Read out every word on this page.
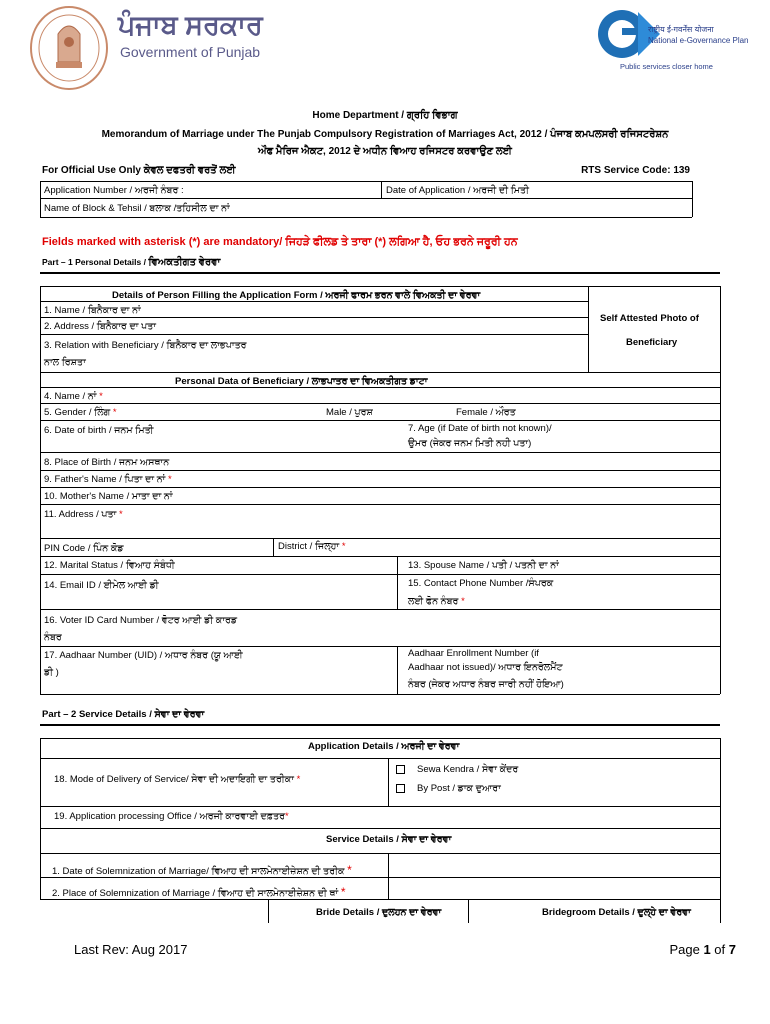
ਪੰਜਾਬ ਸਰਕਾਰ
Government of Punjab
राष्ट्रीय ई-गवर्नेंस योजना
National e-Governance Plan
Public services closer home
Home Department / ਗ੍ਰਹਿ ਵਿਭਾਗ
Memorandum of Marriage under The Punjab Compulsory Registration of Marriages Act, 2012 / ਪੰਜਾਬ ਕਮਪਲਸਰੀ ਰਜਿਸਟਰੇਸ਼ਨ
ਔਫ ਮੈਰਿਜ ਐਕਟ, 2012 ਦੇ ਅਧੀਨ ਵਿਆਹ ਰਜਿਸਟਰ ਕਰਵਾਉਣ ਲਈ
For Official Use Only ਕੇਵਲ ਦਫਤਰੀ ਵਰਤੋਂ ਲਈ	RTS Service Code: 139
Application Number / ਅਰਜੀ ਨੰਬਰ :	Date of Application / ਅਰਜੀ ਦੀ ਮਿਤੀ
Name of Block & Tehsil / ਬਲਾਕ /ਤਹਿਸੀਲ ਦਾ ਨਾਂ
Fields marked with asterisk (*) are mandatory/ ਜਿਹੜੇ ਫੀਲਡ ਤੇ ਤਾਰਾ (*) ਲਗਿਆ ਹੈ, ਓਹ ਭਰਨੇ ਜਰੂਰੀ ਹਨ
Part – 1 Personal Details / ਵਿਅਕਤੀਗਤ ਵੇਰਵਾ
Details of Person Filling the Application Form / ਅਰਜੀ ਫਾਰਮ ਭਰਨ ਵਾਲੇ ਵਿਅਕਤੀ ਦਾ ਵੇਰਵਾ
1. Name / ਬਿਨੈਕਾਰ ਦਾ ਨਾਂ
2. Address / ਬਿਨੈਕਾਰ ਦਾ ਪਤਾ
3. Relation with Beneficiary / ਬਿਨੈਕਾਰ ਦਾ ਲਾਭਪਾਤਰ
ਨਾਲ ਰਿਸ਼ਤਾ
Self Attested Photo of
Beneficiary
Personal Data of Beneficiary / ਲਾਭਪਾਤਰ ਦਾ ਵਿਅਕਤੀਗਤ ਡਾਟਾ
4. Name / ਨਾਂ *
5. Gender / ਲਿੰਗ *	Male / ਪੁਰਸ਼	Female / ਔਰਤ
6. Date of birth / ਜਨਮ ਮਿਤੀ	7. Age (if Date of birth not known)/
ਉਮਰ (ਜੇਕਰ ਜਨਮ ਮਿਤੀ ਨਹੀ ਪਤਾ)
8. Place of Birth / ਜਨਮ ਅਸਥਾਨ
9. Father's Name / ਪਿਤਾ ਦਾ ਨਾਂ *
10. Mother's Name / ਮਾਤਾ ਦਾ ਨਾਂ
11. Address / ਪਤਾ *
PIN Code / ਪਿੰਨ ਕੋਡ	District / ਜਿਲ੍ਹਾ *
12. Marital Status / ਵਿਆਹ ਸੰਬੰਧੀ	13. Spouse Name / ਪਤੀ / ਪਤਨੀ ਦਾ ਨਾਂ
14. Email ID / ਈਮੇਲ ਆਈ ਡੀ	15. Contact Phone Number /ਸੰਪਰਕ
ਲਈ ਫੋਨ ਨੰਬਰ *
16. Voter ID Card Number / ਵੋਟਰ ਆਈ ਡੀ ਕਾਰਡ
ਨੰਬਰ
17. Aadhaar Number (UID) / ਅਧਾਰ ਨੰਬਰ (ਯੂ ਆਈ
ਡੀ )
Aadhaar Enrollment Number (if
Aadhaar not issued)/ ਅਧਾਰ ਇਨਰੋਲਮੈਂਟ
ਨੰਬਰ (ਜੇਕਰ ਅਧਾਰ ਨੰਬਰ ਜਾਰੀ ਨਹੀਂ ਹੋਇਆ)
Part – 2 Service Details / ਸੇਵਾ ਦਾ ਵੇਰਵਾ
Application Details / ਅਰਜੀ ਦਾ ਵੇਰਵਾ
18. Mode of Delivery of Service/ ਸੇਵਾ ਦੀ ਅਦਾਇਗੀ ਦਾ ਤਰੀਕਾ *
Sewa Kendra / ਸੇਵਾ ਕੇਂਦਰ
By Post / ਡਾਕ ਦੁਆਰਾ
19. Application processing Office / ਅਰਜੀ ਕਾਰਵਾਈ ਦਫ਼ਤਰ*
Service Details / ਸੇਵਾ ਦਾ ਵੇਰਵਾ
1. Date of Solemnization of Marriage/ ਵਿਆਹ ਦੀ ਸਾਲਮੇਨਾਈਜ਼ੇਸ਼ਨ ਦੀ ਤਰੀਕ *
2. Place of Solemnization of Marriage / ਵਿਆਹ ਦੀ ਸਾਲਮੇਨਾਈਜ਼ੇਸ਼ਨ ਦੀ ਥਾਂ *
Bride Details / ਦੁਲਹਨ ਦਾ ਵੇਰਵਾ	Bridegroom Details / ਦੁਲ੍ਹੇ ਦਾ ਵੇਰਵਾ
Last Rev: Aug 2017	Page 1 of 7
